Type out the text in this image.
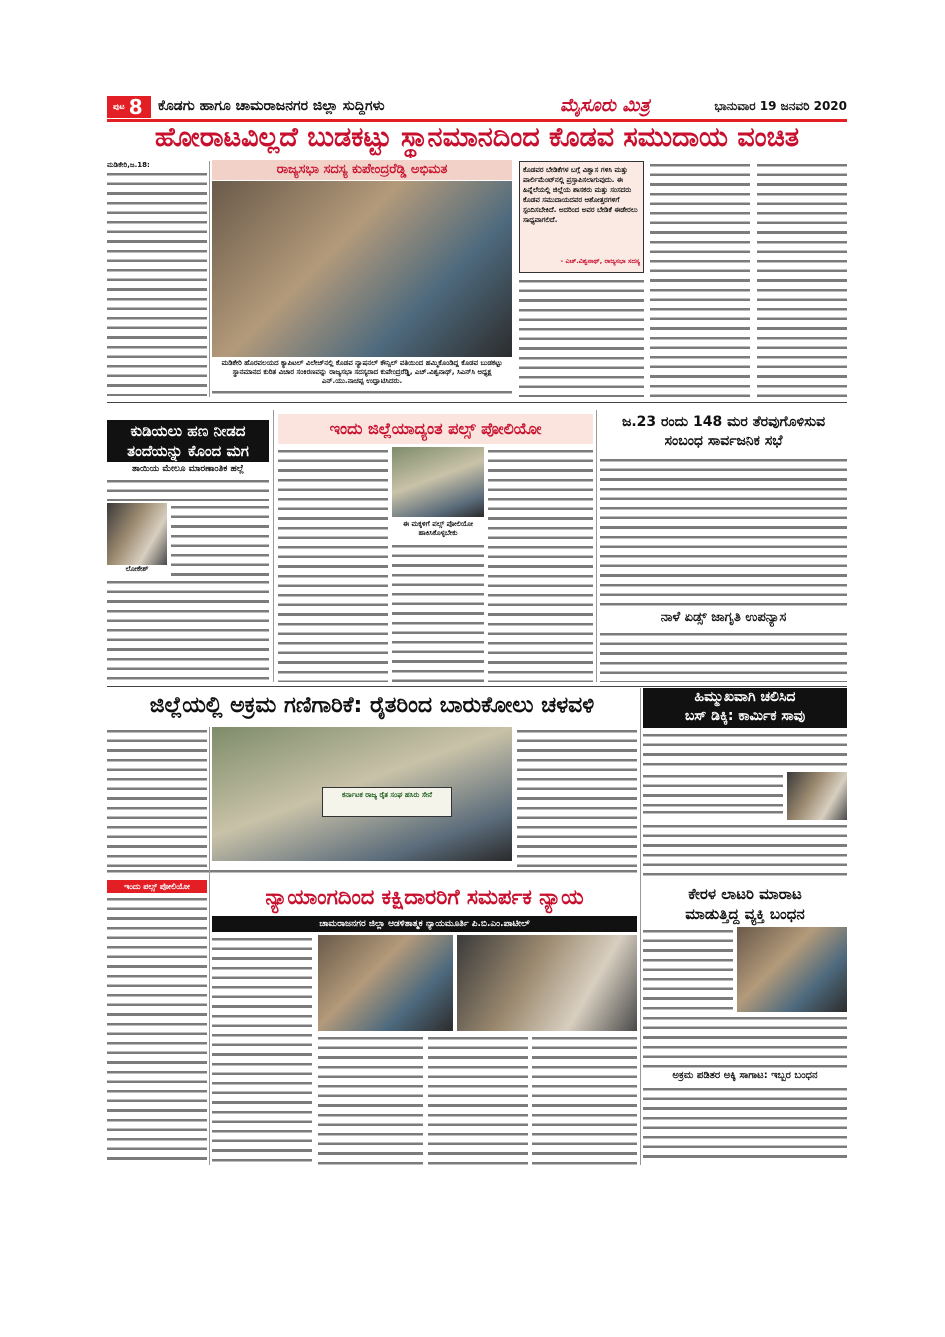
ಪುಟ 8 ಕೊಡಗು ಹಾಗೂ ಚಾಮರಾಜನಗರ ಜಿಲ್ಲಾ ಸುದ್ದಿಗಳು	ಮೈಸೂರು ಮಿತ್ರ	ಭಾನುವಾರ 19 ಜನವರಿ 2020
ಹೋರಾಟವಿಲ್ಲದೆ ಬುಡಕಟ್ಟು ಸ್ಥಾನಮಾನದಿಂದ ಕೊಡವ ಸಮುದಾಯ ವಂಚಿತ
ಮಡಿಕೇರಿ,ಜ.18:	ರಾಜ್ಯಸಭಾ ಸದಸ್ಯ ಕುಪೇಂದ್ರರೆಡ್ಡಿ ಅಭಿಮತ
ಮಡಿಕೇರಿ ಹೊರವಲಯದ ಕ್ಯಾಪಿಟಲ್ ವಿಲೇಜ್‌ನಲ್ಲಿ ಕೊಡವ ನ್ಯಾಷನಲ್ ಕೌನ್ಸಿಲ್ ವತಿಯಿಂದ ಹಮ್ಮಿಕೊಂಡಿದ್ದ ಕೊಡವ ಬುಡಕಟ್ಟು ಸ್ಥಾನಮಾನದ ಕುರಿತ ವಿಚಾರ ಸಂಕಿರಣವನ್ನು ರಾಜ್ಯಸಭಾ ಸದಸ್ಯರಾದ ಕುಪೇಂದ್ರರೆಡ್ಡಿ, ಎಚ್.ವಿಶ್ವನಾಥ್, ಸಿಎನ್‌ಸಿ ಅಧ್ಯಕ್ಷ ಎನ್.ಯು.ನಾಚಪ್ಪ ಉದ್ಘಾಟಿಸಿದರು.
ಕೊಡವರ ಬೇಡಿಕೆಗಳ ಬಗ್ಗೆ ವಿಶ್ವಾಸ ಗಳಿಸಿ ಮತ್ತು ಪಾರ್ಲಿಮೆಂಟ್‌ನಲ್ಲಿ ಪ್ರಸ್ತಾಪಿಸಲಾಗುವುದು. ಈ ಹಿನ್ನೆಲೆಯಲ್ಲಿ ಜಿಲ್ಲೆಯ ಶಾಸಕರು ಮತ್ತು ಸಂಸದರು ಕೊಡವ ಸಮುದಾಯದವರ ಆಶೋತ್ತರಗಳಿಗೆ ಸ್ಪಂದಿಸಬೇಕಿದೆ. ಅದರಿಂದ ಅವರ ಬೇಡಿಕೆ ಈಡೇರಲು ಸಾಧ್ಯವಾಗಲಿದೆ.
- ಎಚ್.ವಿಶ್ವನಾಥ್, ರಾಜ್ಯಸಭಾ ಸದಸ್ಯ
ಕುಡಿಯಲು ಹಣ ನೀಡದ
ತಂದೆಯನ್ನು ಕೊಂದ ಮಗ
ತಾಯಿಯ ಮೇಲೂ ಮಾರಣಾಂತಿಕ ಹಲ್ಲೆ
ಲೋಕೇಶ್
ಇಂದು ಜಿಲ್ಲೆಯಾದ್ಯಂತ ಪಲ್ಸ್ ಪೋಲಿಯೋ
ಈ ಮಕ್ಕಳಿಗೆ ಪಲ್ಸ್ ಪೋಲಿಯೋ ಹಾಕಿಸಿಕೊಳ್ಳಬೇಕು
ಜ.23 ರಂದು 148 ಮರ ತೆರವುಗೊಳಿಸುವ
ಸಂಬಂಧ ಸಾರ್ವಜನಿಕ ಸಭೆ
ನಾಳೆ ಏಡ್ಸ್ ಜಾಗೃತಿ ಉಪನ್ಯಾಸ
ಜಿಲ್ಲೆಯಲ್ಲಿ ಅಕ್ರಮ ಗಣಿಗಾರಿಕೆ: ರೈತರಿಂದ ಬಾರುಕೋಲು ಚಳವಳಿ
ಕರ್ನಾಟಕ ರಾಜ್ಯ ರೈತ ಸಂಘ ಹಸಿರು ಸೇನೆ
ಹಿಮ್ಮುಖವಾಗಿ ಚಲಿಸಿದ
ಬಸ್ ಡಿಕ್ಕಿ: ಕಾರ್ಮಿಕ ಸಾವು
ಇಂದು ಪಲ್ಸ್ ಪೋಲಿಯೋ	ನ್ಯಾಯಾಂಗದಿಂದ ಕಕ್ಷಿದಾರರಿಗೆ ಸಮರ್ಪಕ ನ್ಯಾಯ
ಚಾಮರಾಜನಗರ ಜಿಲ್ಲಾ ಆಡಳಿತಾತ್ಮಕ ನ್ಯಾಯಮೂರ್ತಿ ಪಿ.ಬಿ.ಎಂ.ಪಾಟೀಲ್
ಕೇರಳ ಲಾಟರಿ ಮಾರಾಟ
ಮಾಡುತ್ತಿದ್ದ ವ್ಯಕ್ತಿ ಬಂಧನ
ಅಕ್ರಮ ಪಡಿತರ ಅಕ್ಕಿ ಸಾಗಾಟ: ಇಬ್ಬರ ಬಂಧನ
